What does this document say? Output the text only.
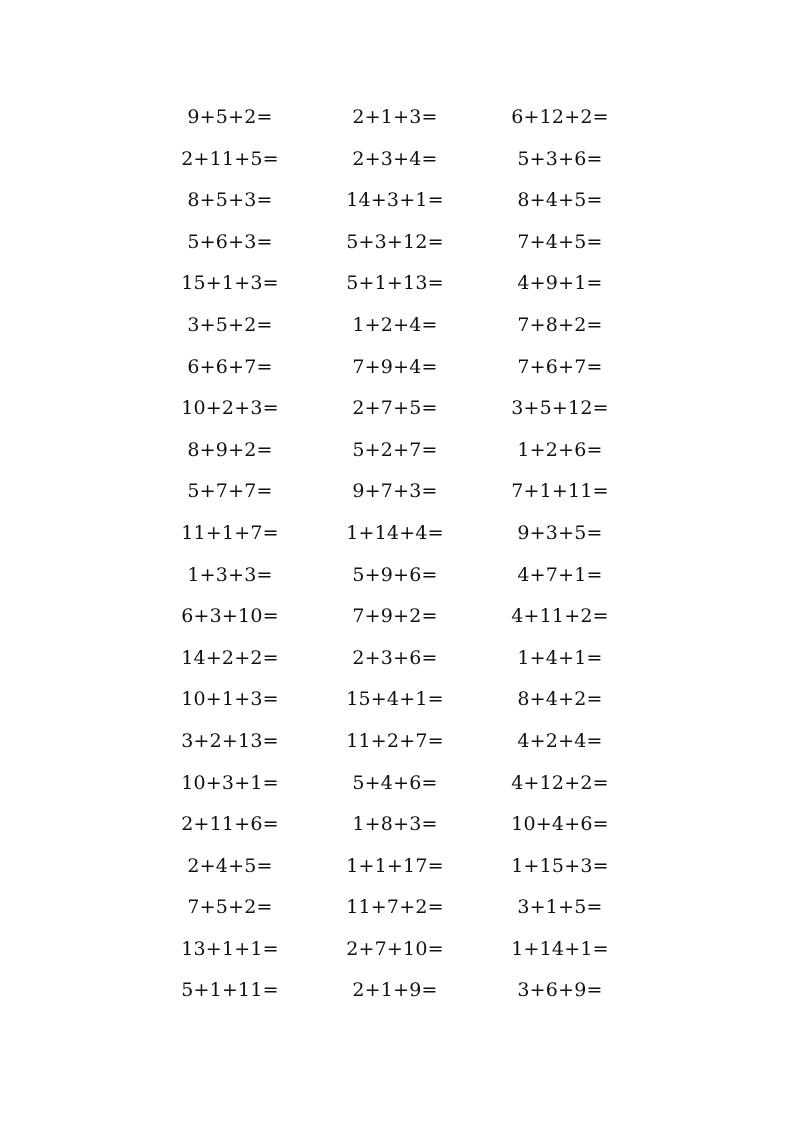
9+5+2=	2+1+3=	6+12+2=
2+11+5=	2+3+4=	5+3+6=
8+5+3=	14+3+1=	8+4+5=
5+6+3=	5+3+12=	7+4+5=
15+1+3=	5+1+13=	4+9+1=
3+5+2=	1+2+4=	7+8+2=
6+6+7=	7+9+4=	7+6+7=
10+2+3=	2+7+5=	3+5+12=
8+9+2=	5+2+7=	1+2+6=
5+7+7=	9+7+3=	7+1+11=
11+1+7=	1+14+4=	9+3+5=
1+3+3=	5+9+6=	4+7+1=
6+3+10=	7+9+2=	4+11+2=
14+2+2=	2+3+6=	1+4+1=
10+1+3=	15+4+1=	8+4+2=
3+2+13=	11+2+7=	4+2+4=
10+3+1=	5+4+6=	4+12+2=
2+11+6=	1+8+3=	10+4+6=
2+4+5=	1+1+17=	1+15+3=
7+5+2=	11+7+2=	3+1+5=
13+1+1=	2+7+10=	1+14+1=
5+1+11=	2+1+9=	3+6+9=
